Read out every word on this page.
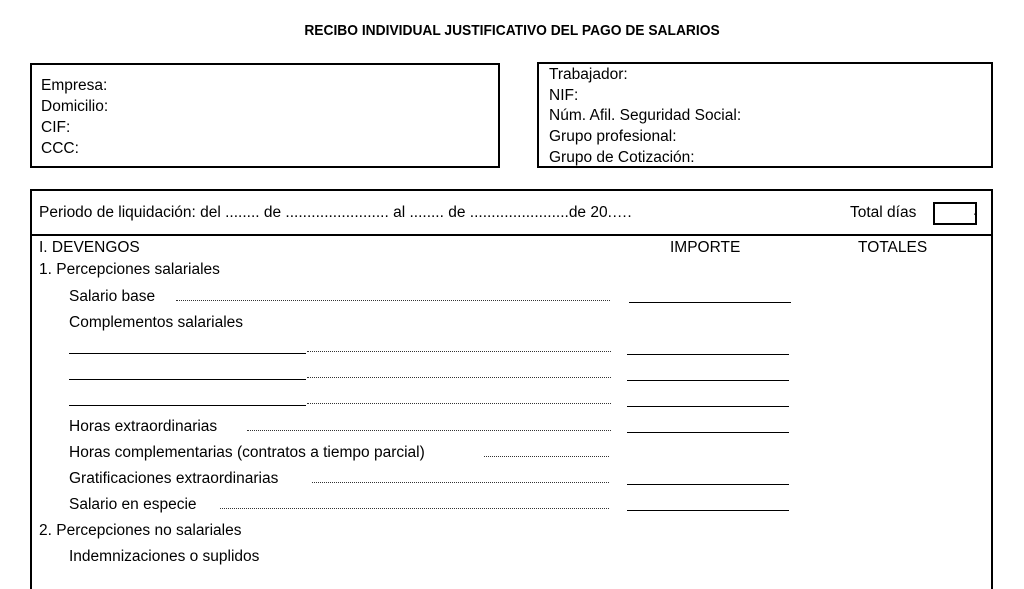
RECIBO INDIVIDUAL JUSTIFICATIVO DEL PAGO DE SALARIOS
Empresa:
Domicilio:
CIF:
CCC:
Trabajador:
NIF:
Núm. Afil. Seguridad Social:
Grupo profesional:
Grupo de Cotización:
Periodo de liquidación: del ........ de ........................ al ........ de .......................de 20.….	Total días	.
I. DEVENGOS	IMPORTE	TOTALES
1. Percepciones salariales
Salario base
Complementos salariales
Horas extraordinarias
Horas complementarias (contratos a tiempo parcial)
Gratificaciones extraordinarias
Salario en especie
2. Percepciones no salariales
Indemnizaciones o suplidos
